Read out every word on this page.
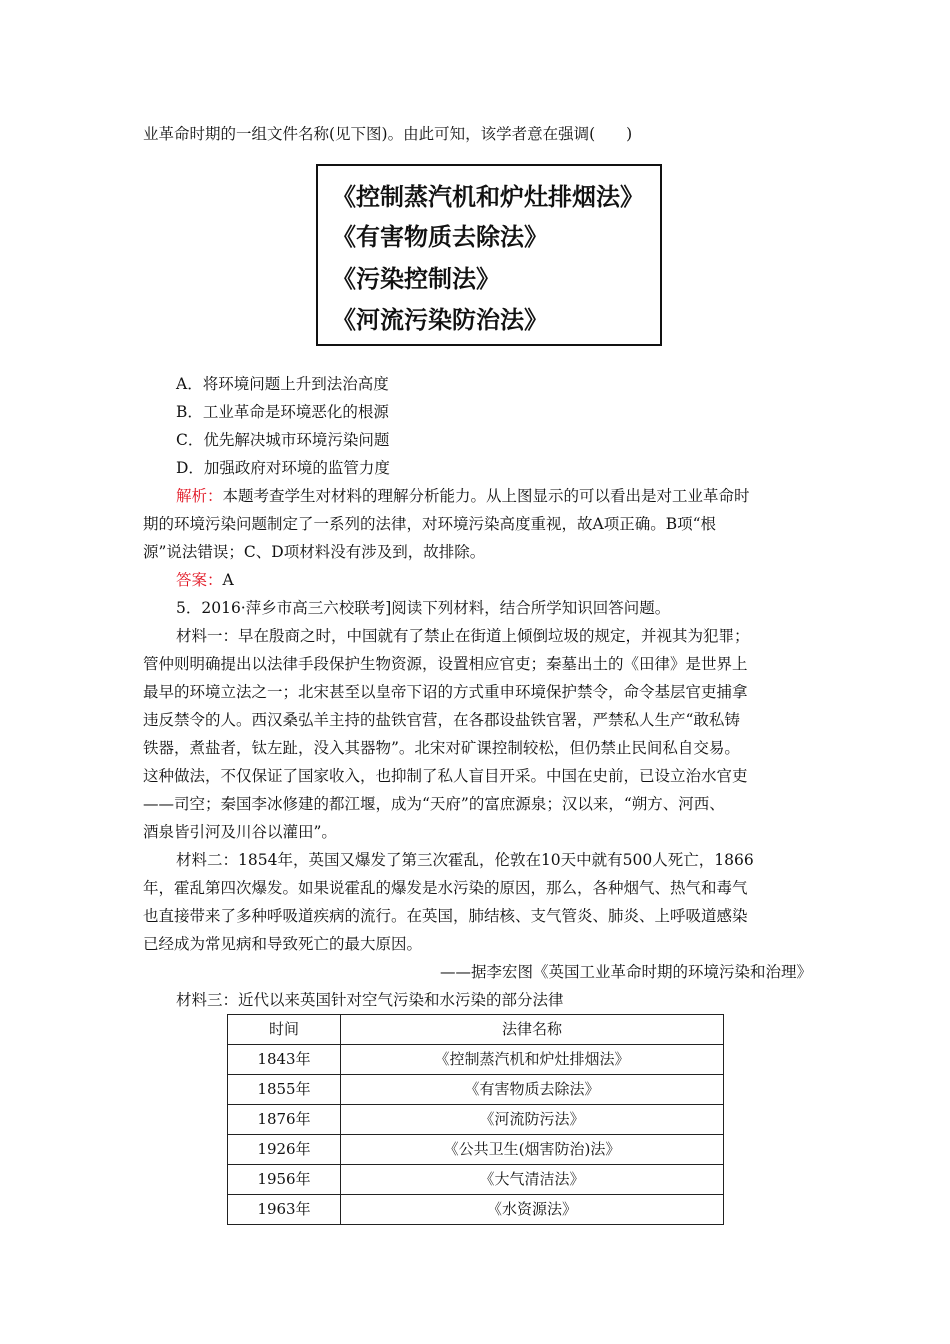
业革命时期的一组文件名称(见下图)。由此可知，该学者意在强调(　　)
《控制蒸汽机和炉灶排烟法》
《有害物质去除法》
《污染控制法》
《河流污染防治法》
A．将环境问题上升到法治高度
B．工业革命是环境恶化的根源
C．优先解决城市环境污染问题
D．加强政府对环境的监管力度
解析：本题考查学生对材料的理解分析能力。从上图显示的可以看出是对工业革命时
期的环境污染问题制定了一系列的法律，对环境污染高度重视，故A项正确。B项“根
源”说法错误；C、D项材料没有涉及到，故排除。
答案：A
5．2016·萍乡市高三六校联考]阅读下列材料，结合所学知识回答问题。
材料一：早在殷商之时，中国就有了禁止在街道上倾倒垃圾的规定，并视其为犯罪；
管仲则明确提出以法律手段保护生物资源，设置相应官吏；秦墓出土的《田律》是世界上
最早的环境立法之一；北宋甚至以皇帝下诏的方式重申环境保护禁令，命令基层官吏捕拿
违反禁令的人。西汉桑弘羊主持的盐铁官营，在各郡设盐铁官署，严禁私人生产“敢私铸
铁器，煮盐者，钛左趾，没入其器物”。北宋对矿课控制较松，但仍禁止民间私自交易。
这种做法，不仅保证了国家收入，也抑制了私人盲目开采。中国在史前，已设立治水官吏
——司空；秦国李冰修建的都江堰，成为“天府”的富庶源泉；汉以来，“朔方、河西、
酒泉皆引河及川谷以灌田”。
材料二：1854年，英国又爆发了第三次霍乱，伦敦在10天中就有500人死亡，1866
年，霍乱第四次爆发。如果说霍乱的爆发是水污染的原因，那么，各种烟气、热气和毒气
也直接带来了多种呼吸道疾病的流行。在英国，肺结核、支气管炎、肺炎、上呼吸道感染
已经成为常见病和导致死亡的最大原因。
——据李宏图《英国工业革命时期的环境污染和治理》
材料三：近代以来英国针对空气污染和水污染的部分法律
时间	法律名称
1843年	《控制蒸汽机和炉灶排烟法》
1855年	《有害物质去除法》
1876年	《河流防污法》
1926年	《公共卫生(烟害防治)法》
1956年	《大气清洁法》
1963年	《水资源法》
